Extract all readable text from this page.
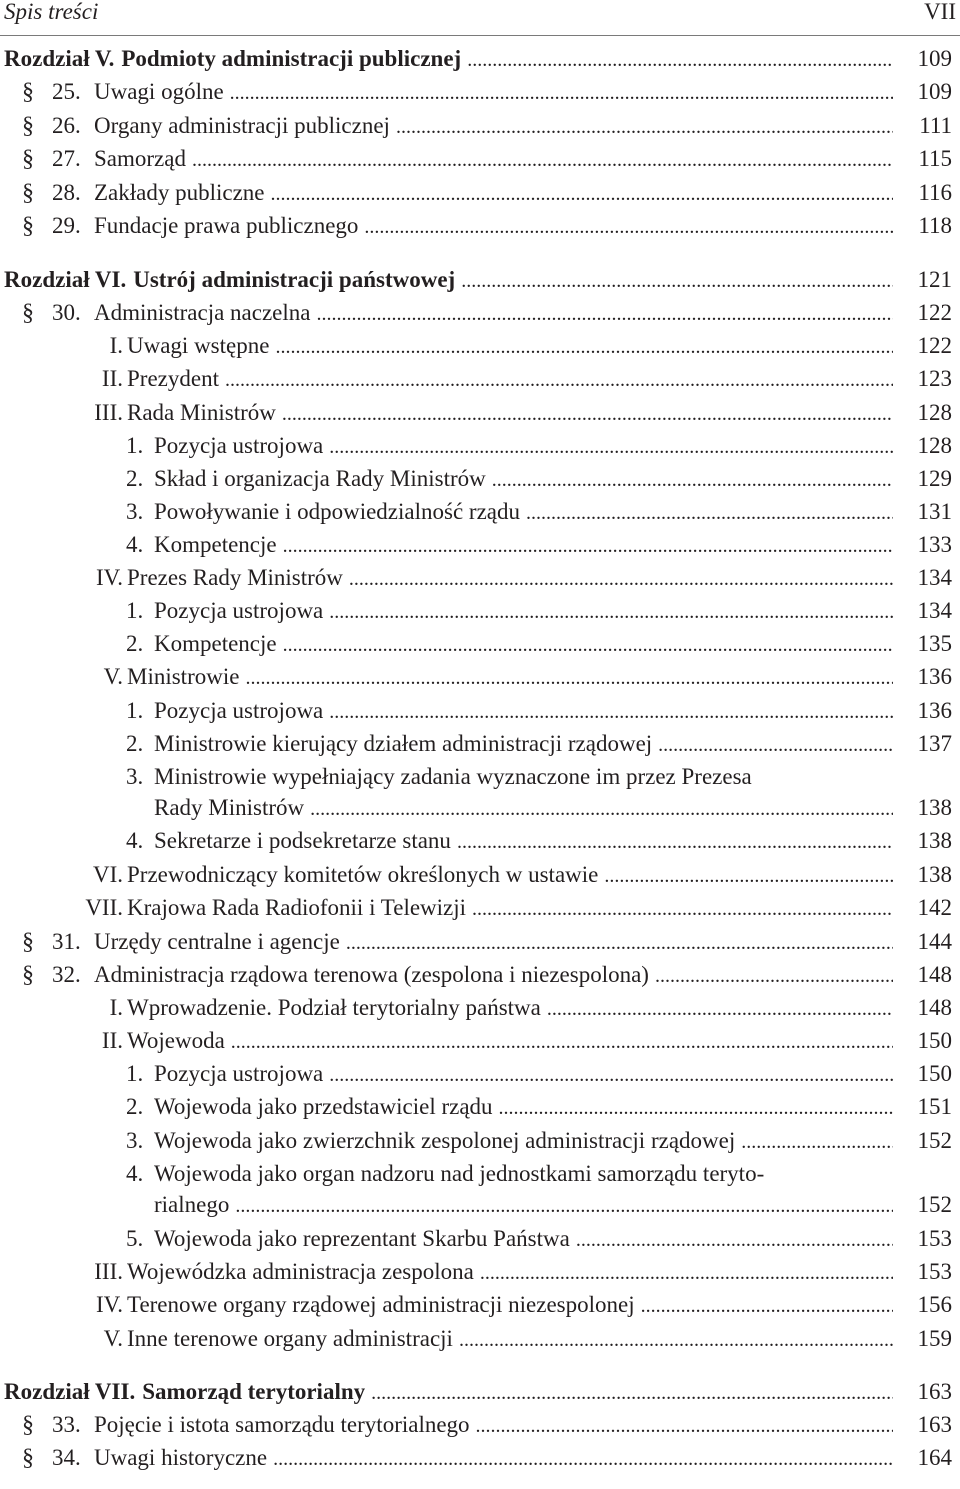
Spis treści	VII
Rozdział V. Podmioty administracji publicznej . . .	109
§ 25. Uwagi ogólne . . .	109
§ 26. Organy administracji publicznej . . .	111
§ 27. Samorząd . . .	115
§ 28. Zakłady publiczne . . .	116
§ 29. Fundacje prawa publicznego . . .	118
Rozdział VI. Ustrój administracji państwowej . . .	121
§ 30. Administracja naczelna . . .	122
I. Uwagi wstępne . . .	122
II. Prezydent . . .	123
III. Rada Ministrów . . .	128
1. Pozycja ustrojowa . . .	128
2. Skład i organizacja Rady Ministrów . . .	129
3. Powoływanie i odpowiedzialność rządu . . .	131
4. Kompetencje . . .	133
IV. Prezes Rady Ministrów . . .	134
1. Pozycja ustrojowa . . .	134
2. Kompetencje . . .	135
V. Ministrowie . . .	136
1. Pozycja ustrojowa . . .	136
2. Ministrowie kierujący działem administracji rządowej . . .	137
3. Ministrowie wypełniający zadania wyznaczone im przez Prezesa
Rady Ministrów . . .	138
4. Sekretarze i podsekretarze stanu . . .	138
VI. Przewodniczący komitetów określonych w ustawie . . .	138
VII. Krajowa Rada Radiofonii i Telewizji . . .	142
§ 31. Urzędy centralne i agencje . . .	144
§ 32. Administracja rządowa terenowa (zespolona i niezespolona) . . .	148
I. Wprowadzenie. Podział terytorialny państwa . . .	148
II. Wojewoda . . .	150
1. Pozycja ustrojowa . . .	150
2. Wojewoda jako przedstawiciel rządu . . .	151
3. Wojewoda jako zwierzchnik zespolonej administracji rządowej . . .	152
4. Wojewoda jako organ nadzoru nad jednostkami samorządu teryto-
rialnego . . .	152
5. Wojewoda jako reprezentant Skarbu Państwa . . .	153
III. Wojewódzka administracja zespolona . . .	153
IV. Terenowe organy rządowej administracji niezespolonej . . .	156
V. Inne terenowe organy administracji . . .	159
Rozdział VII. Samorząd terytorialny . . .	163
§ 33. Pojęcie i istota samorządu terytorialnego . . .	163
§ 34. Uwagi historyczne . . .	164
